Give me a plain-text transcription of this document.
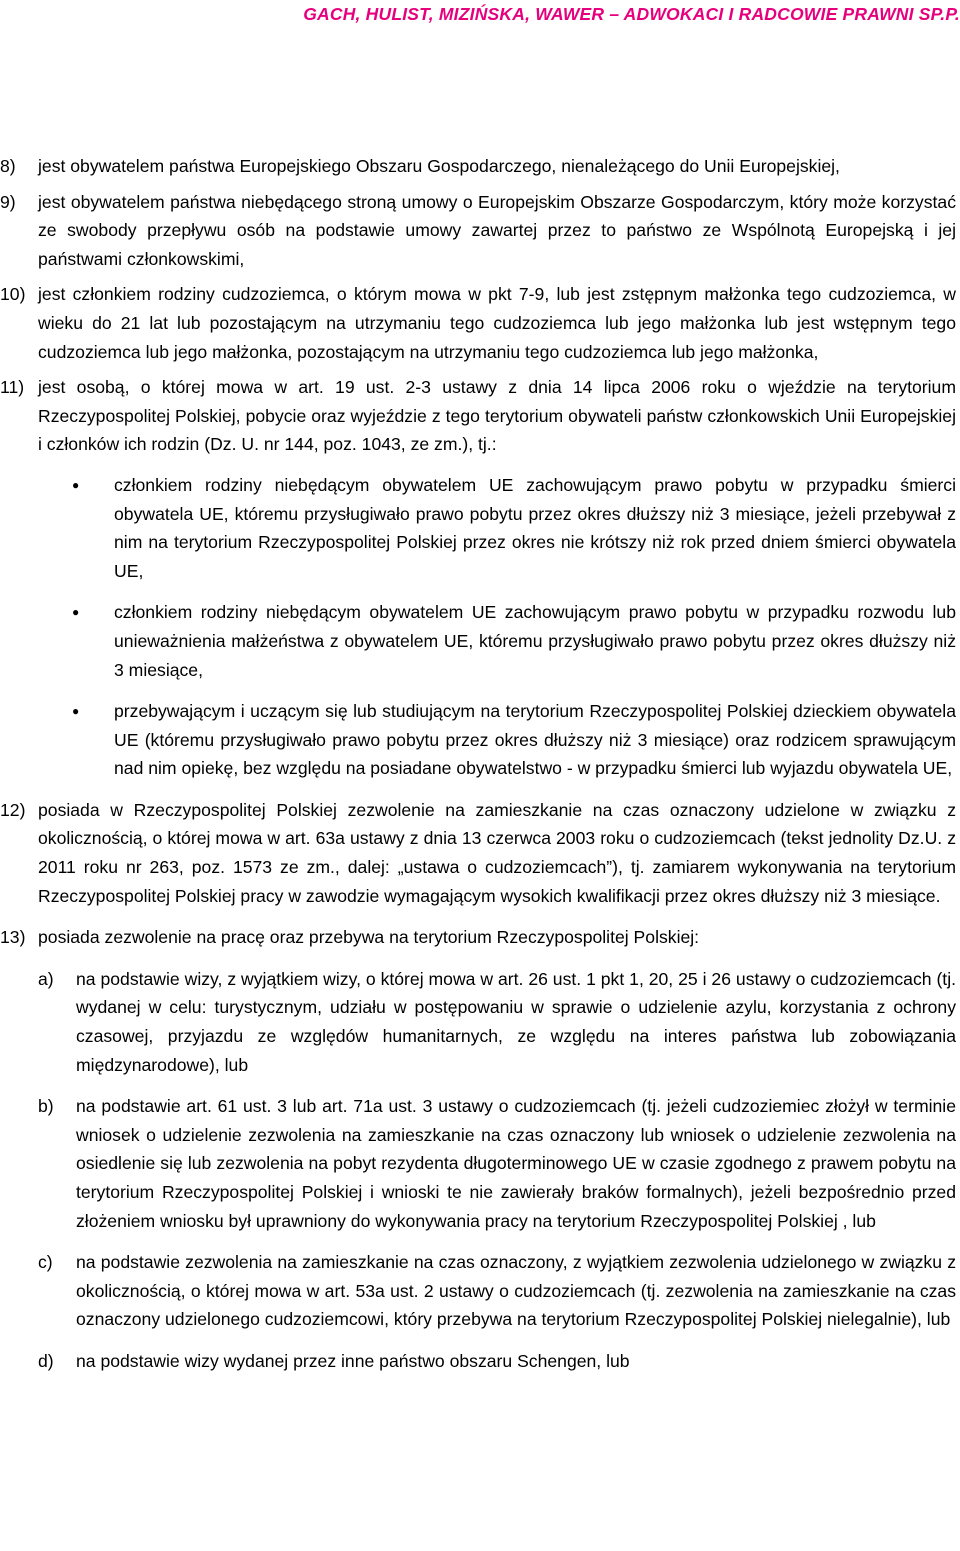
GACH, HULIST, MIZIŃSKA, WAWER – ADWOKACI I RADCOWIE PRAWNI SP.P.
8)	jest obywatelem państwa Europejskiego Obszaru Gospodarczego, nienależącego do Unii Europejskiej,
9)	jest obywatelem państwa niebędącego stroną umowy o Europejskim Obszarze Gospodarczym, który może korzystać ze swobody przepływu osób na podstawie umowy zawartej przez to państwo ze Wspólnotą Europejską i jej państwami członkowskimi,
10) jest członkiem rodziny cudzoziemca, o którym mowa w pkt 7-9, lub jest zstępnym małżonka tego cudzoziemca, w wieku do 21 lat lub pozostającym na utrzymaniu tego cudzoziemca lub jego małżonka lub jest wstępnym tego cudzoziemca lub jego małżonka, pozostającym na utrzymaniu tego cudzoziemca lub jego małżonka,
11) jest osobą, o której mowa w art. 19 ust. 2-3 ustawy z dnia 14 lipca 2006 roku o wjeździe na terytorium Rzeczypospolitej Polskiej, pobycie oraz wyjeździe z tego terytorium obywateli państw członkowskich Unii Europejskiej i członków ich rodzin (Dz. U. nr 144, poz. 1043, ze zm.), tj.:
●	członkiem rodziny niebędącym obywatelem UE zachowującym prawo pobytu w przypadku śmierci obywatela UE, któremu przysługiwało prawo pobytu przez okres dłuższy niż 3 miesiące, jeżeli przebywał z nim na terytorium Rzeczypospolitej Polskiej przez okres nie krótszy niż rok przed dniem śmierci obywatela UE,
●	członkiem rodziny niebędącym obywatelem UE zachowującym prawo pobytu w przypadku rozwodu lub unieważnienia małżeństwa z obywatelem UE, któremu przysługiwało prawo pobytu przez okres dłuższy niż 3 miesiące,
●	przebywającym i uczącym się lub studiującym na terytorium Rzeczypospolitej Polskiej dzieckiem obywatela UE (któremu przysługiwało prawo pobytu przez okres dłuższy niż 3 miesiące) oraz rodzicem sprawującym nad nim opiekę, bez względu na posiadane obywatelstwo - w przypadku śmierci lub wyjazdu obywatela UE,
12) posiada w Rzeczypospolitej Polskiej zezwolenie na zamieszkanie na czas oznaczony udzielone w związku z okolicznością, o której mowa w art. 63a ustawy z dnia 13 czerwca 2003 roku o cudzoziemcach (tekst jednolity Dz.U. z 2011 roku nr 263, poz. 1573 ze zm., dalej: „ustawa o cudzoziemcach”), tj. zamiarem wykonywania na terytorium Rzeczypospolitej Polskiej pracy w zawodzie wymagającym wysokich kwalifikacji przez okres dłuższy niż 3 miesiące.
13) posiada zezwolenie na pracę oraz przebywa na terytorium Rzeczypospolitej Polskiej:
a)	na podstawie wizy, z wyjątkiem wizy, o której mowa w art. 26 ust. 1 pkt 1, 20, 25 i 26 ustawy o cudzoziemcach (tj. wydanej w celu: turystycznym, udziału w postępowaniu w sprawie o udzielenie azylu, korzystania z ochrony czasowej, przyjazdu ze względów humanitarnych, ze względu na interes państwa lub zobowiązania międzynarodowe), lub
b)	na podstawie art. 61 ust. 3 lub art. 71a ust. 3 ustawy o cudzoziemcach (tj. jeżeli cudzoziemiec złożył w terminie wniosek o udzielenie zezwolenia na zamieszkanie na czas oznaczony lub wniosek o udzielenie zezwolenia na osiedlenie się lub zezwolenia na pobyt rezydenta długoterminowego UE w czasie zgodnego z prawem pobytu na terytorium Rzeczypospolitej Polskiej i wnioski te nie zawierały braków formalnych), jeżeli bezpośrednio przed złożeniem wniosku był uprawniony do wykonywania pracy na terytorium Rzeczypospolitej Polskiej , lub
c)	na podstawie zezwolenia na zamieszkanie na czas oznaczony, z wyjątkiem zezwolenia udzielonego w związku z okolicznością, o której mowa w art. 53a ust. 2 ustawy o cudzoziemcach (tj. zezwolenia na zamieszkanie na czas oznaczony udzielonego cudzoziemcowi, który przebywa na terytorium Rzeczypospolitej Polskiej nielegalnie), lub
d)	na podstawie wizy wydanej przez inne państwo obszaru Schengen, lub
